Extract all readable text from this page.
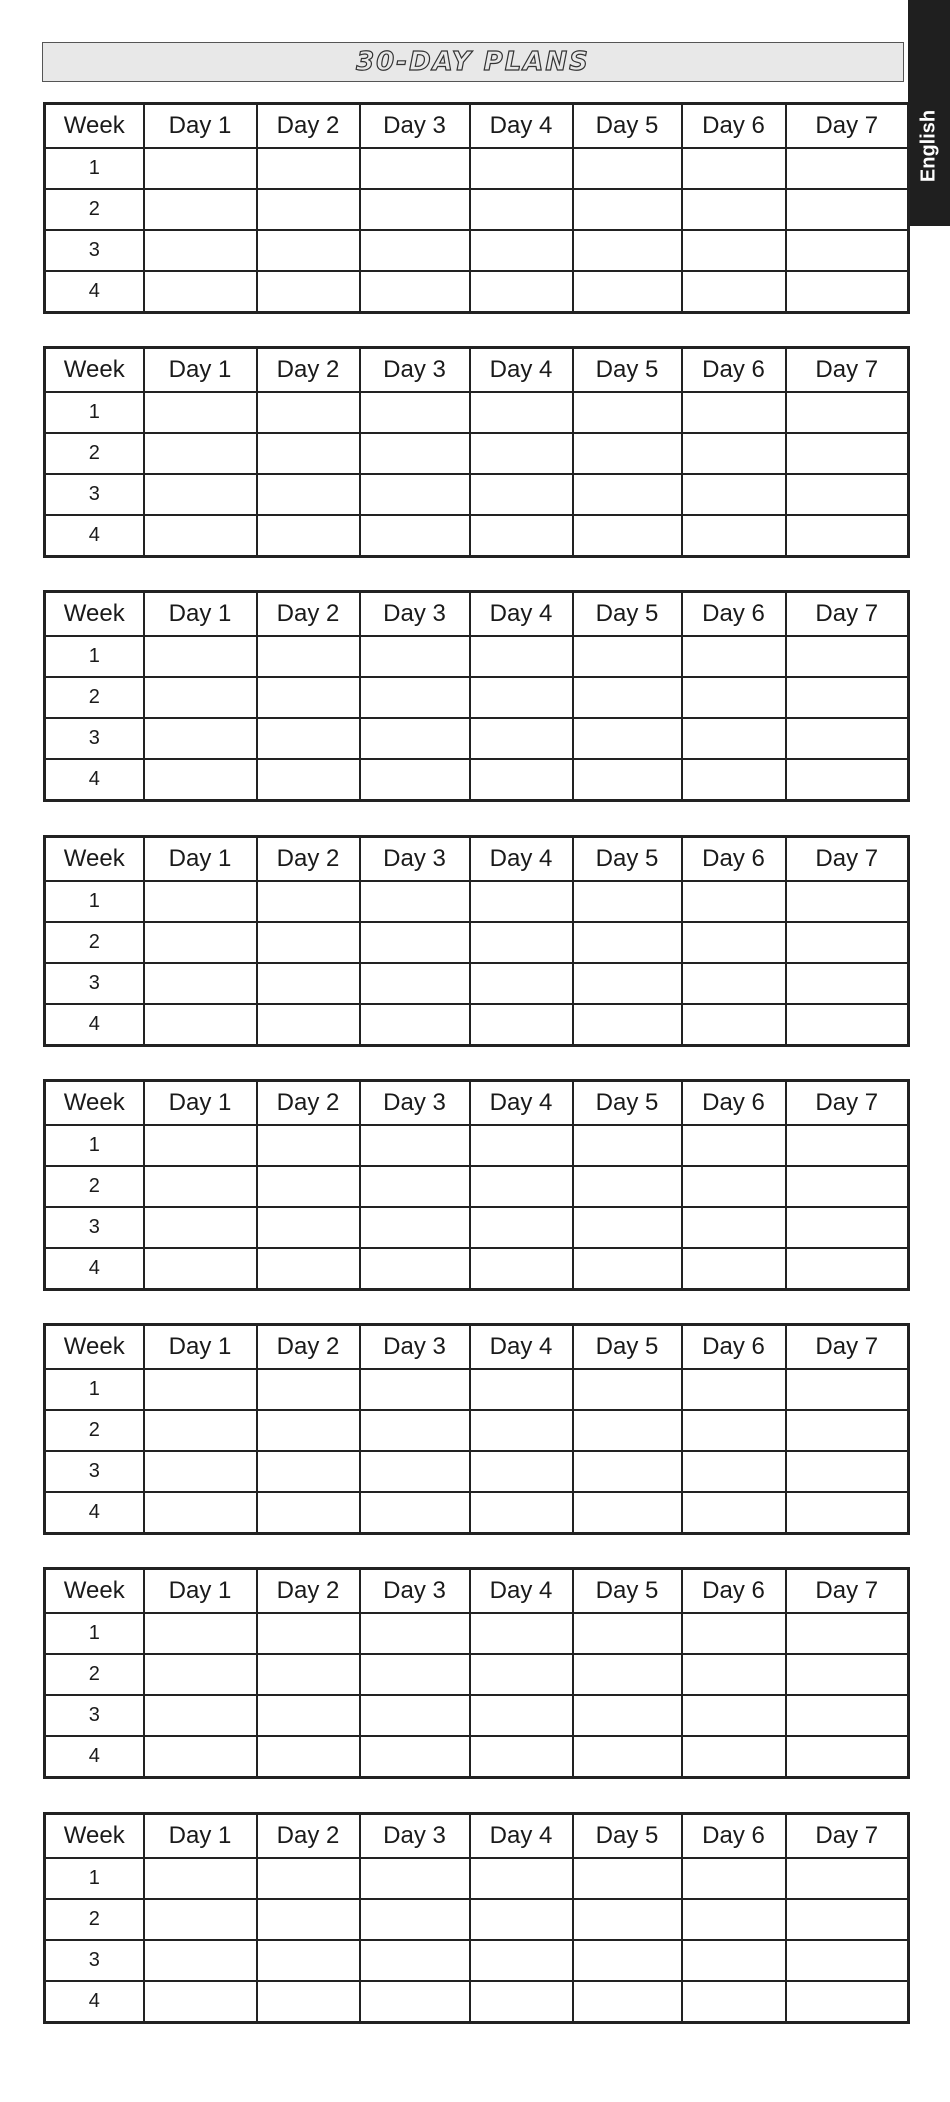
English
30-DAY PLANS
Week	Day 1	Day 2	Day 3	Day 4	Day 5	Day 6	Day 7
1							
2							
3							
4							
Week	Day 1	Day 2	Day 3	Day 4	Day 5	Day 6	Day 7
1							
2							
3							
4							
Week	Day 1	Day 2	Day 3	Day 4	Day 5	Day 6	Day 7
1							
2							
3							
4							
Week	Day 1	Day 2	Day 3	Day 4	Day 5	Day 6	Day 7
1							
2							
3							
4							
Week	Day 1	Day 2	Day 3	Day 4	Day 5	Day 6	Day 7
1							
2							
3							
4							
Week	Day 1	Day 2	Day 3	Day 4	Day 5	Day 6	Day 7
1							
2							
3							
4							
Week	Day 1	Day 2	Day 3	Day 4	Day 5	Day 6	Day 7
1							
2							
3							
4							
Week	Day 1	Day 2	Day 3	Day 4	Day 5	Day 6	Day 7
1							
2							
3							
4							
